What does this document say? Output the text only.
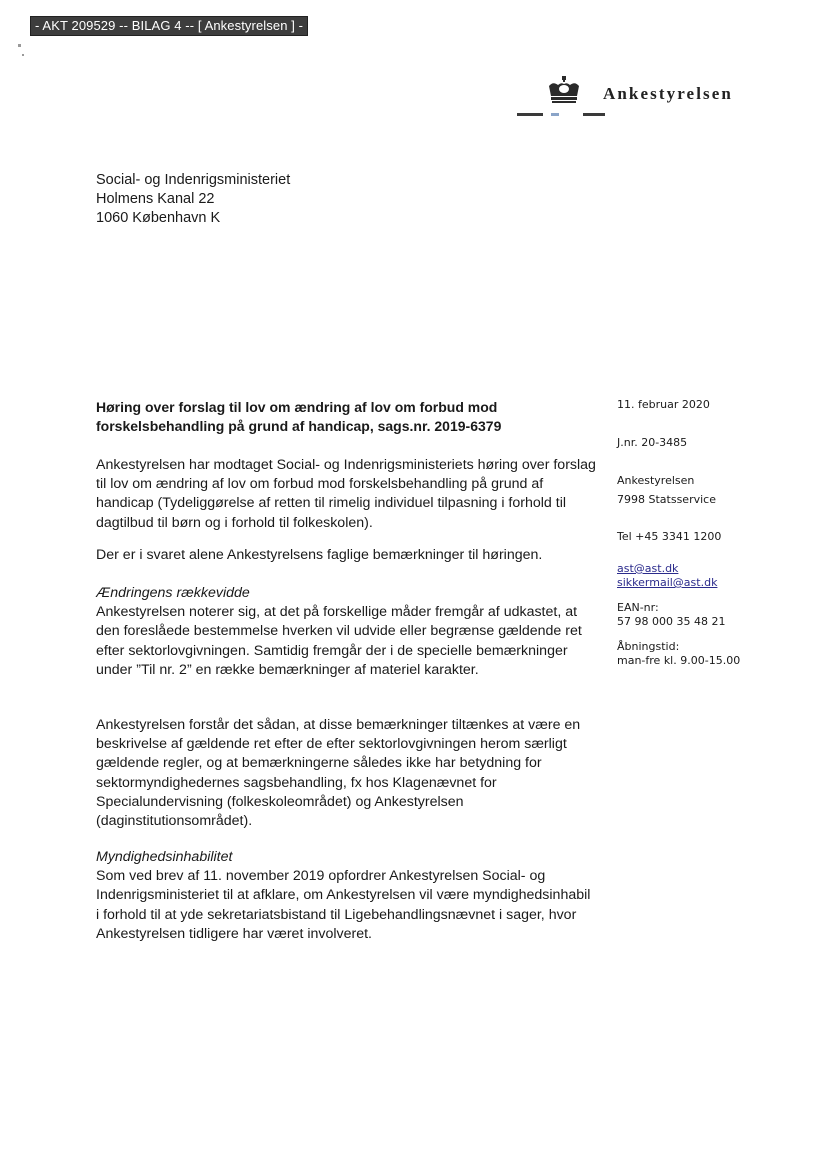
- AKT 209529 -- BILAG 4 -- [ Ankestyrelsen ] -
Ankestyrelsen
Social- og Indenrigsministeriet
Holmens Kanal 22
1060 København K
11. februar 2020
J.nr. 20-3485
Ankestyrelsen
7998 Statsservice
Tel +45 3341 1200
ast@ast.dk
sikkermail@ast.dk
EAN-nr:
57 98 000 35 48 21
Åbningstid:
man-fre kl. 9.00-15.00
Høring over forslag til lov om ændring af lov om forbud mod forskelsbehandling på grund af handicap, sags.nr. 2019-6379

Ankestyrelsen har modtaget Social- og Indenrigsministeriets høring over forslag til lov om ændring af lov om forbud mod forskelsbehandling på grund af handicap (Tydeliggørelse af retten til rimelig individuel tilpasning i forhold til dagtilbud til børn og i forhold til folkeskolen).

Der er i svaret alene Ankestyrelsens faglige bemærkninger til høringen.

Ændringens rækkevidde

Ankestyrelsen noterer sig, at det på forskellige måder fremgår af udkastet, at den foreslåede bestemmelse hverken vil udvide eller begrænse gældende ret efter sektorlovgivningen. Samtidig fremgår der i de specielle bemærkninger under ”Til nr. 2” en række bemærkninger af materiel karakter.

Ankestyrelsen forstår det sådan, at disse bemærkninger tiltænkes at være en beskrivelse af gældende ret efter de efter sektorlovgivningen herom særligt gældende regler, og at bemærkningerne således ikke har betydning for sektormyndighedernes sagsbehandling, fx hos Klagenævnet for Specialundervisning (folkeskoleområdet) og Ankestyrelsen (daginstitutionsområdet).

Myndighedsinhabilitet

Som ved brev af 11. november 2019 opfordrer Ankestyrelsen Social- og Indenrigsministeriet til at afklare, om Ankestyrelsen vil være myndighedsinhabil i forhold til at yde sekretariatsbistand til Ligebehandlingsnævnet i sager, hvor Ankestyrelsen tidligere har været involveret.
